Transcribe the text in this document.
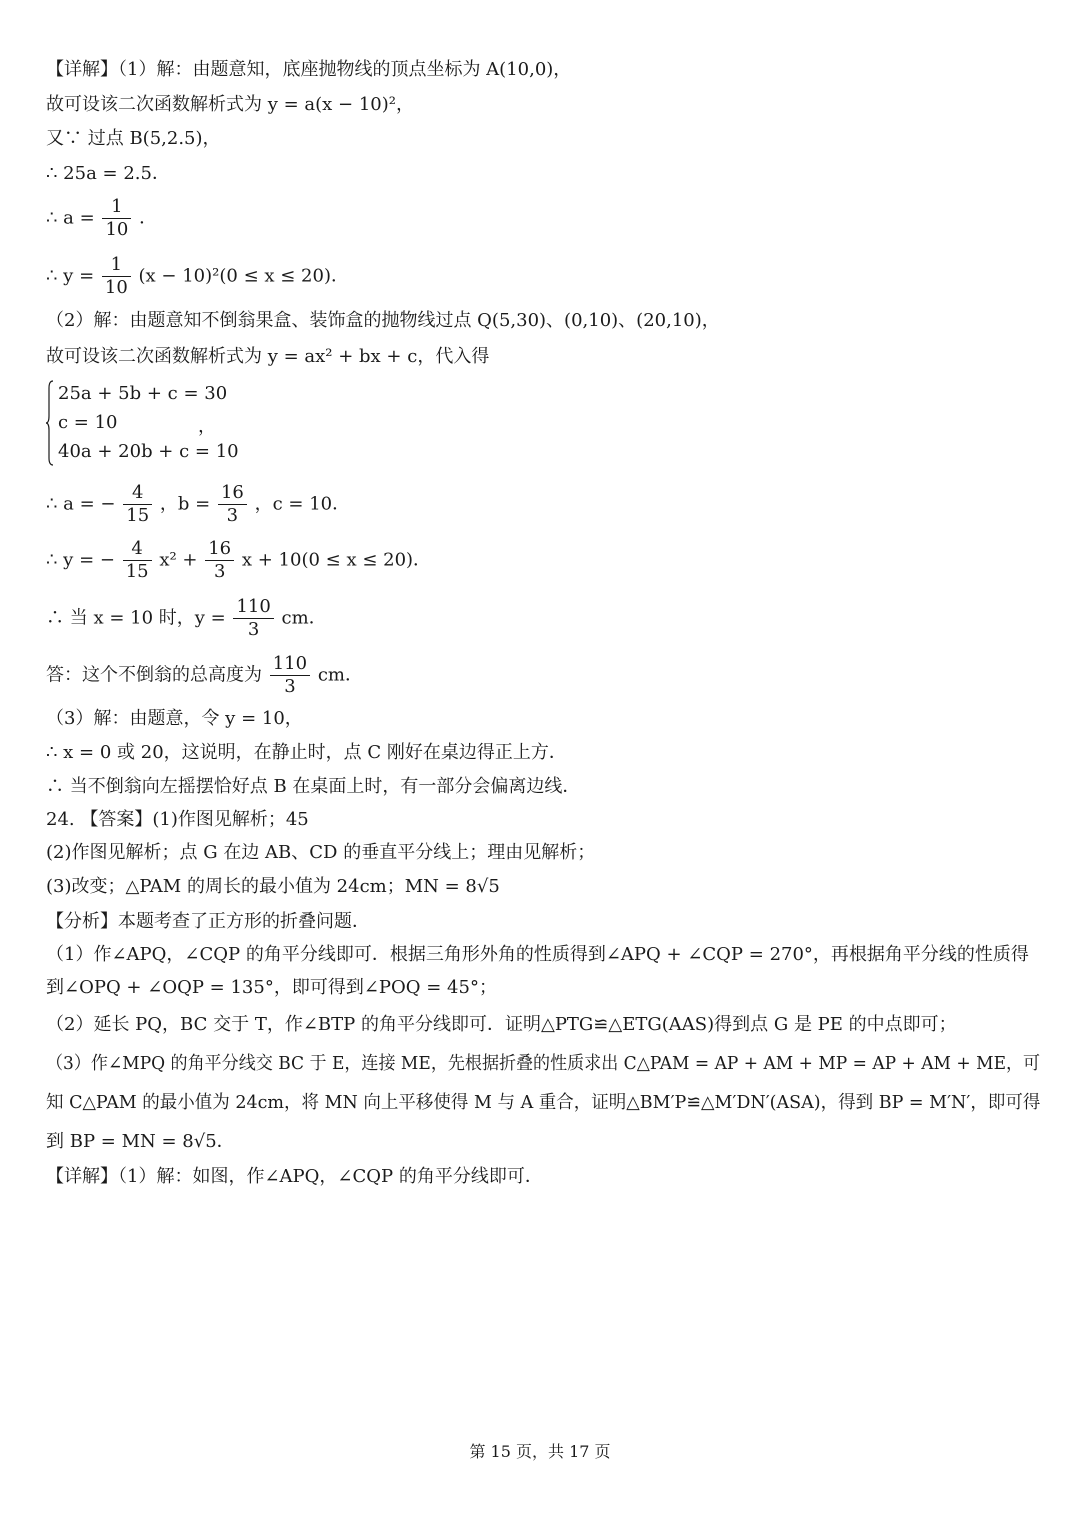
【详解】（1）解：由题意知，底座抛物线的顶点坐标为 A(10,0)，
故可设该二次函数解析式为 y = a(x − 10)²，
又∵ 过点 B(5,2.5)，
∴ 25a = 2.5．
∴ $a = \frac{1}{10}$ ．
∴ $y = \frac{1}{10} (x - 10)^2(0 \le x \le 20)$．
（2）解：由题意知不倒翁果盒、装饰盒的抛物线过点 Q(5,30)、(0,10)、(20,10)，
故可设该二次函数解析式为 y = ax² + bx + c，代入得
25a + 5b + c = 30
c = 10
40a + 20b + c = 10
，
∴ a = − $\frac{4}{15}$ ，$b = \frac{16}{3}$ ，c = 10．
∴ y = − $\frac{4}{15} x^2 + \frac{16}{3}$ x + 10(0 ≤ x ≤ 20)．
∴ 当 x = 10 时，$y = \frac{110}{3}$ cm．
答：这个不倒翁的总高度为 $\frac{110}{3}$ cm．
（3）解：由题意，令 y = 10，
∴ x = 0 或 20，这说明，在静止时，点 C 刚好在桌边得正上方．
∴ 当不倒翁向左摇摆恰好点 B 在桌面上时，有一部分会偏离边线．
24. 【答案】(1)作图见解析；45
(2)作图见解析；点 G 在边 AB、CD 的垂直平分线上；理由见解析；
(3)改变；△PAM 的周长的最小值为 24cm；MN = 8√5
【分析】本题考查了正方形的折叠问题．
（1）作∠APQ，∠CQP 的角平分线即可．根据三角形外角的性质得到∠APQ + ∠CQP = 270°，再根据角平分线的性质得
到∠OPQ + ∠OQP = 135°，即可得到∠POQ = 45°；
（2）延长 PQ，BC 交于 T，作∠BTP 的角平分线即可．证明△PTG≌△ETG(AAS)得到点 G 是 PE 的中点即可；
（3）作∠MPQ 的角平分线交 BC 于 E，连接 ME，先根据折叠的性质求出 C△PAM = AP + AM + MP = AP + AM + ME，可
知 C△PAM 的最小值为 24cm，将 MN 向上平移使得 M 与 A 重合，证明△BM′P≌△M′DN′(ASA)，得到 BP = M′N′，即可得
到 BP = MN = 8√5．
【详解】（1）解：如图，作∠APQ，∠CQP 的角平分线即可．
第 15 页，共 17 页
